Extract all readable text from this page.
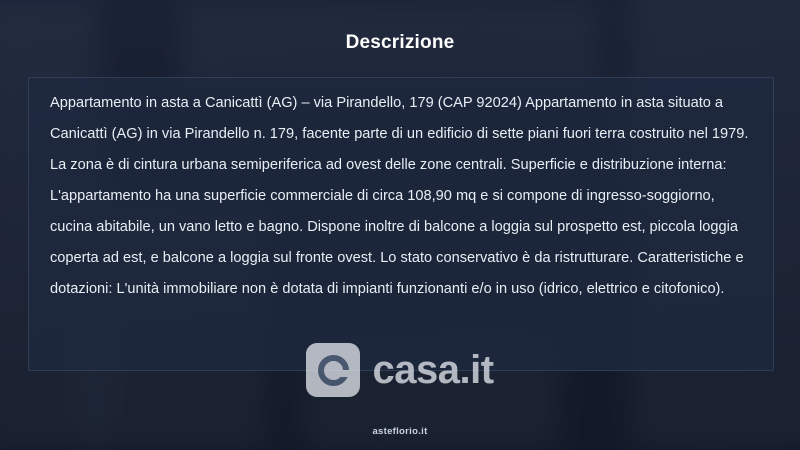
Descrizione
Appartamento in asta a Canicattì (AG) – via Pirandello, 179 (CAP 92024) Appartamento in asta situato a Canicattì (AG) in via Pirandello n. 179, facente parte di un edificio di sette piani fuori terra costruito nel 1979. La zona è di cintura urbana semiperiferica ad ovest delle zone centrali. Superficie e distribuzione interna: L'appartamento ha una superficie commerciale di circa 108,90 mq e si compone di ingresso-soggiorno, cucina abitabile, un vano letto e bagno. Dispone inoltre di balcone a loggia sul prospetto est, piccola loggia coperta ad est, e balcone a loggia sul fronte ovest. Lo stato conservativo è da ristrutturare. Caratteristiche e dotazioni: L'unità immobiliare non è dotata di impianti funzionanti e/o in uso (idrico, elettrico e citofonico).
casa.it
asteflorio.it
